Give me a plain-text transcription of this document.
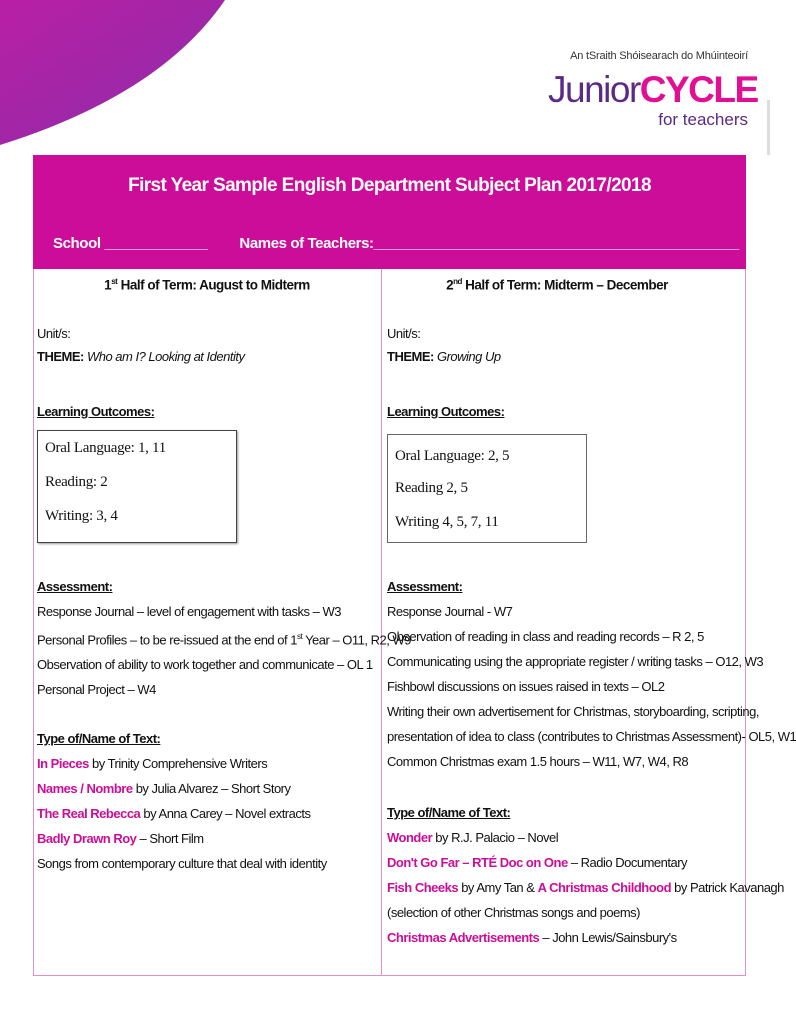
An tSraith Shóisearach do Mhúinteoirí
JuniorCYCLE
for teachers
First Year Sample English Department Subject Plan 2017/2018
School _____________ Names of Teachers:______________________________________________
1st Half of Term: August to Midterm
Unit/s:
THEME: Who am I? Looking at Identity
Learning Outcomes:
Oral Language: 1, 11
Reading: 2
Writing: 3, 4
Assessment:
Response Journal – level of engagement with tasks – W3
Personal Profiles – to be re-issued at the end of 1st Year – O11, R2, W9
Observation of ability to work together and communicate – OL 1
Personal Project – W4
Type of/Name of Text:
In Pieces by Trinity Comprehensive Writers
Names / Nombre by Julia Alvarez – Short Story
The Real Rebecca by Anna Carey – Novel extracts
Badly Drawn Roy – Short Film
Songs from contemporary culture that deal with identity
2nd Half of Term: Midterm – December
Unit/s:
THEME: Growing Up
Learning Outcomes:
Oral Language: 2, 5
Reading 2, 5
Writing 4, 5, 7, 11
Assessment:
Response Journal - W7
Observation of reading in class and reading records – R 2, 5
Communicating using the appropriate register / writing tasks – O12, W3
Fishbowl discussions on issues raised in texts – OL2
Writing their own advertisement for Christmas, storyboarding, scripting,
presentation of idea to class (contributes to Christmas Assessment)- OL5, W1
Common Christmas exam 1.5 hours – W11, W7, W4, R8
Type of/Name of Text:
Wonder by R.J. Palacio – Novel
Don't Go Far – RTÉ Doc on One – Radio Documentary
Fish Cheeks by Amy Tan & A Christmas Childhood by Patrick Kavanagh
(selection of other Christmas songs and poems)
Christmas Advertisements – John Lewis/Sainsbury's
